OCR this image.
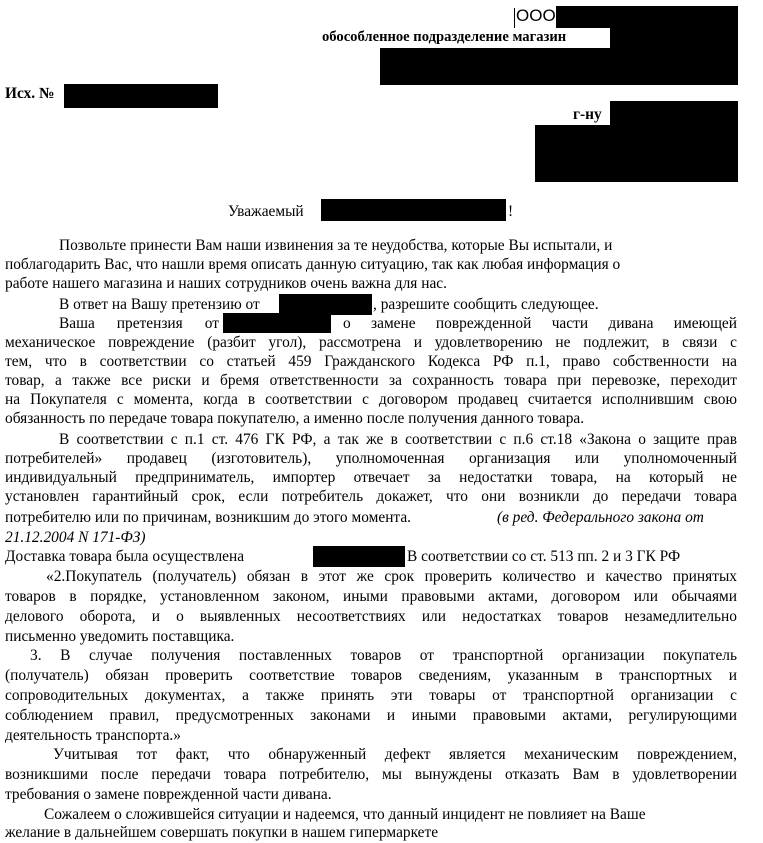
ООО
обособленное подразделение магазин
Исх. №
г-ну
Уважаемый	!
Позвольте принести Вам наши извинения за те неудобства, которые Вы испытали, и
поблагодарить Вас, что нашли время описать данную ситуацию, так как любая информация о
работе нашего магазина и наших сотрудников очень важна для нас.
В ответ на Вашу претензию от	, разрешите сообщить следующее.
Ваша претензия от	о замене поврежденной части дивана имеющей
механическое повреждение (разбит угол), рассмотрена и удовлетворению не подлежит, в связи с
тем, что в соответствии со статьей 459 Гражданского Кодекса РФ п.1, право собственности на
товар, а также все риски и бремя ответственности за сохранность товара при перевозке, переходит
на Покупателя с момента, когда в соответствии с договором продавец считается исполнившим свою
обязанность по передаче товара покупателю, а именно после получения данного товара.
В соответствии с п.1 ст. 476 ГК РФ, а так же в соответствии с п.6 ст.18 «Закона о защите прав
потребителей» продавец (изготовитель), уполномоченная организация или уполномоченный
индивидуальный предприниматель, импортер отвечает за недостатки товара, на который не
установлен гарантийный срок, если потребитель докажет, что они возникли до передачи товара
потребителю или по причинам, возникшим до этого момента.	(в ред. Федерального закона от
21.12.2004 N 171-ФЗ)
Доставка товара была осуществлена	В соответствии со ст. 513 пп. 2 и 3 ГК РФ
«2.Покупатель (получатель) обязан в этот же срок проверить количество и качество принятых
товаров в порядке, установленном законом, иными правовыми актами, договором или обычаями
делового оборота, и о выявленных несоответствиях или недостатках товаров незамедлительно
письменно уведомить поставщика.
3. В случае получения поставленных товаров от транспортной организации покупатель
(получатель) обязан проверить соответствие товаров сведениям, указанным в транспортных и
сопроводительных документах, а также принять эти товары от транспортной организации с
соблюдением правил, предусмотренных законами и иными правовыми актами, регулирующими
деятельность транспорта.»
Учитывая тот факт, что обнаруженный дефект является механическим повреждением,
возникшими после передачи товара потребителю, мы вынуждены отказать Вам в удовлетворении
требования о замене поврежденной части дивана.
Сожалеем о сложившейся ситуации и надеемся, что данный инцидент не повлияет на Ваше
желание в дальнейшем совершать покупки в нашем гипермаркете
